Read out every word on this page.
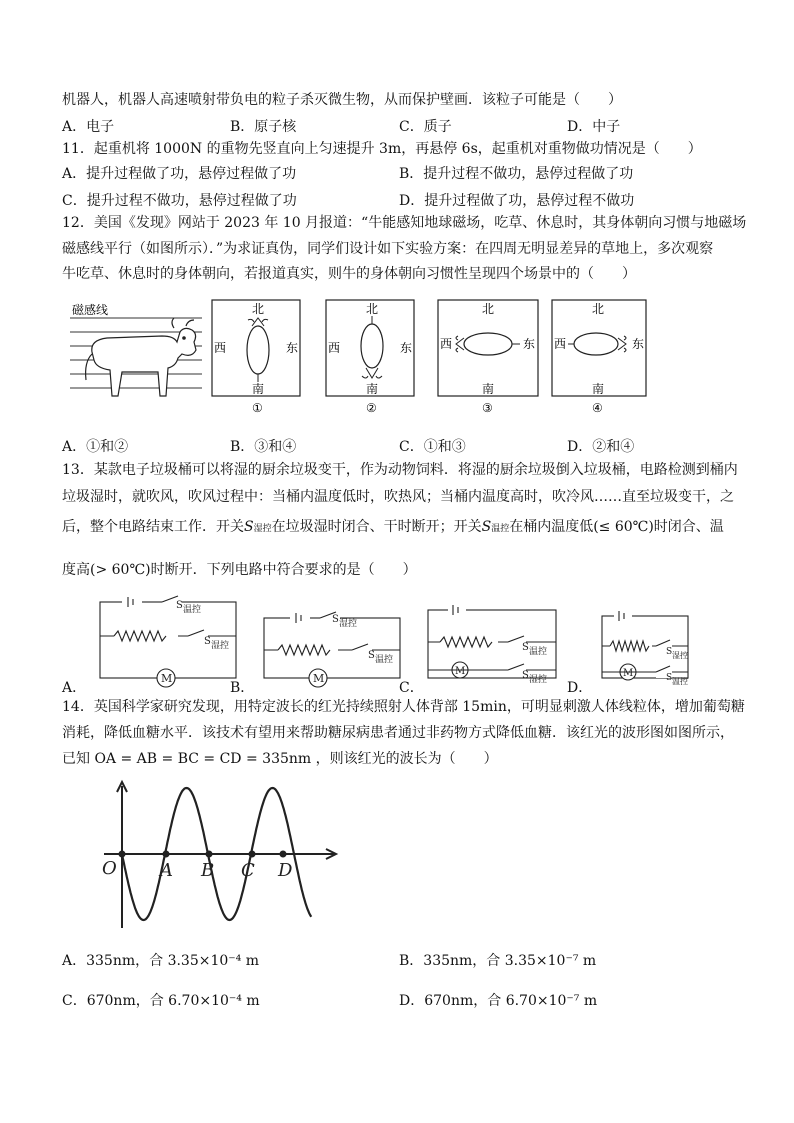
机器人，机器人高速喷射带负电的粒子杀灭微生物，从而保护壁画．该粒子可能是（　　）
A．电子	B．原子核	C．质子	D．中子
11．起重机将 1000N 的重物先竖直向上匀速提升 3m，再悬停 6s，起重机对重物做功情况是（　　）
A．提升过程做了功，悬停过程做了功	B．提升过程不做功，悬停过程做了功
C．提升过程不做功，悬停过程做了功	D．提升过程做了功，悬停过程不做功
12．美国《发现》网站于 2023 年 10 月报道：“牛能感知地球磁场，吃草、休息时，其身体朝向习惯与地磁场
磁感线平行（如图所示）．”为求证真伪，同学们设计如下实验方案：在四周无明显差异的草地上，多次观察
牛吃草、休息时的身体朝向，若报道真实，则牛的身体朝向习惯性呈现四个场景中的（　　）
磁感线	北
南
西	东
①
北
南
西	东
②
北
南
西	东
③
北
南
西	东
④
A．①和②	B．③和④	C．①和③	D．②和④
13．某款电子垃圾桶可以将湿的厨余垃圾变干，作为动物饲料．将湿的厨余垃圾倒入垃圾桶，电路检测到桶内
垃圾湿时，就吹风，吹风过程中：当桶内温度低时，吹热风；当桶内温度高时，吹冷风……直至垃圾变干，之
后，整个电路结束工作．开关S湿控在垃圾湿时闭合、干时断开；开关S温控在桶内温度低(≤ 60℃)时闭合、温
度高(> 60℃)时断开．下列电路中符合要求的是（　　）
S 温控
S 湿控
M
S 湿控
S 温控
M
S 温控
M	S 湿控
S 湿控
M	S 温控
A．	B．	C．	D．
14．英国科学家研究发现，用特定波长的红光持续照射人体背部 15min，可明显刺激人体线粒体，增加葡萄糖
消耗，降低血糖水平．该技术有望用来帮助糖尿病患者通过非药物方式降低血糖．该红光的波形图如图所示，
已知 OA = AB = BC = CD = 335nm ，则该红光的波长为（　　）
O A B C D
A．335nm，合 3.35×10⁻⁴ m	B．335nm，合 3.35×10⁻⁷ m
C．670nm，合 6.70×10⁻⁴ m	D．670nm，合 6.70×10⁻⁷ m
